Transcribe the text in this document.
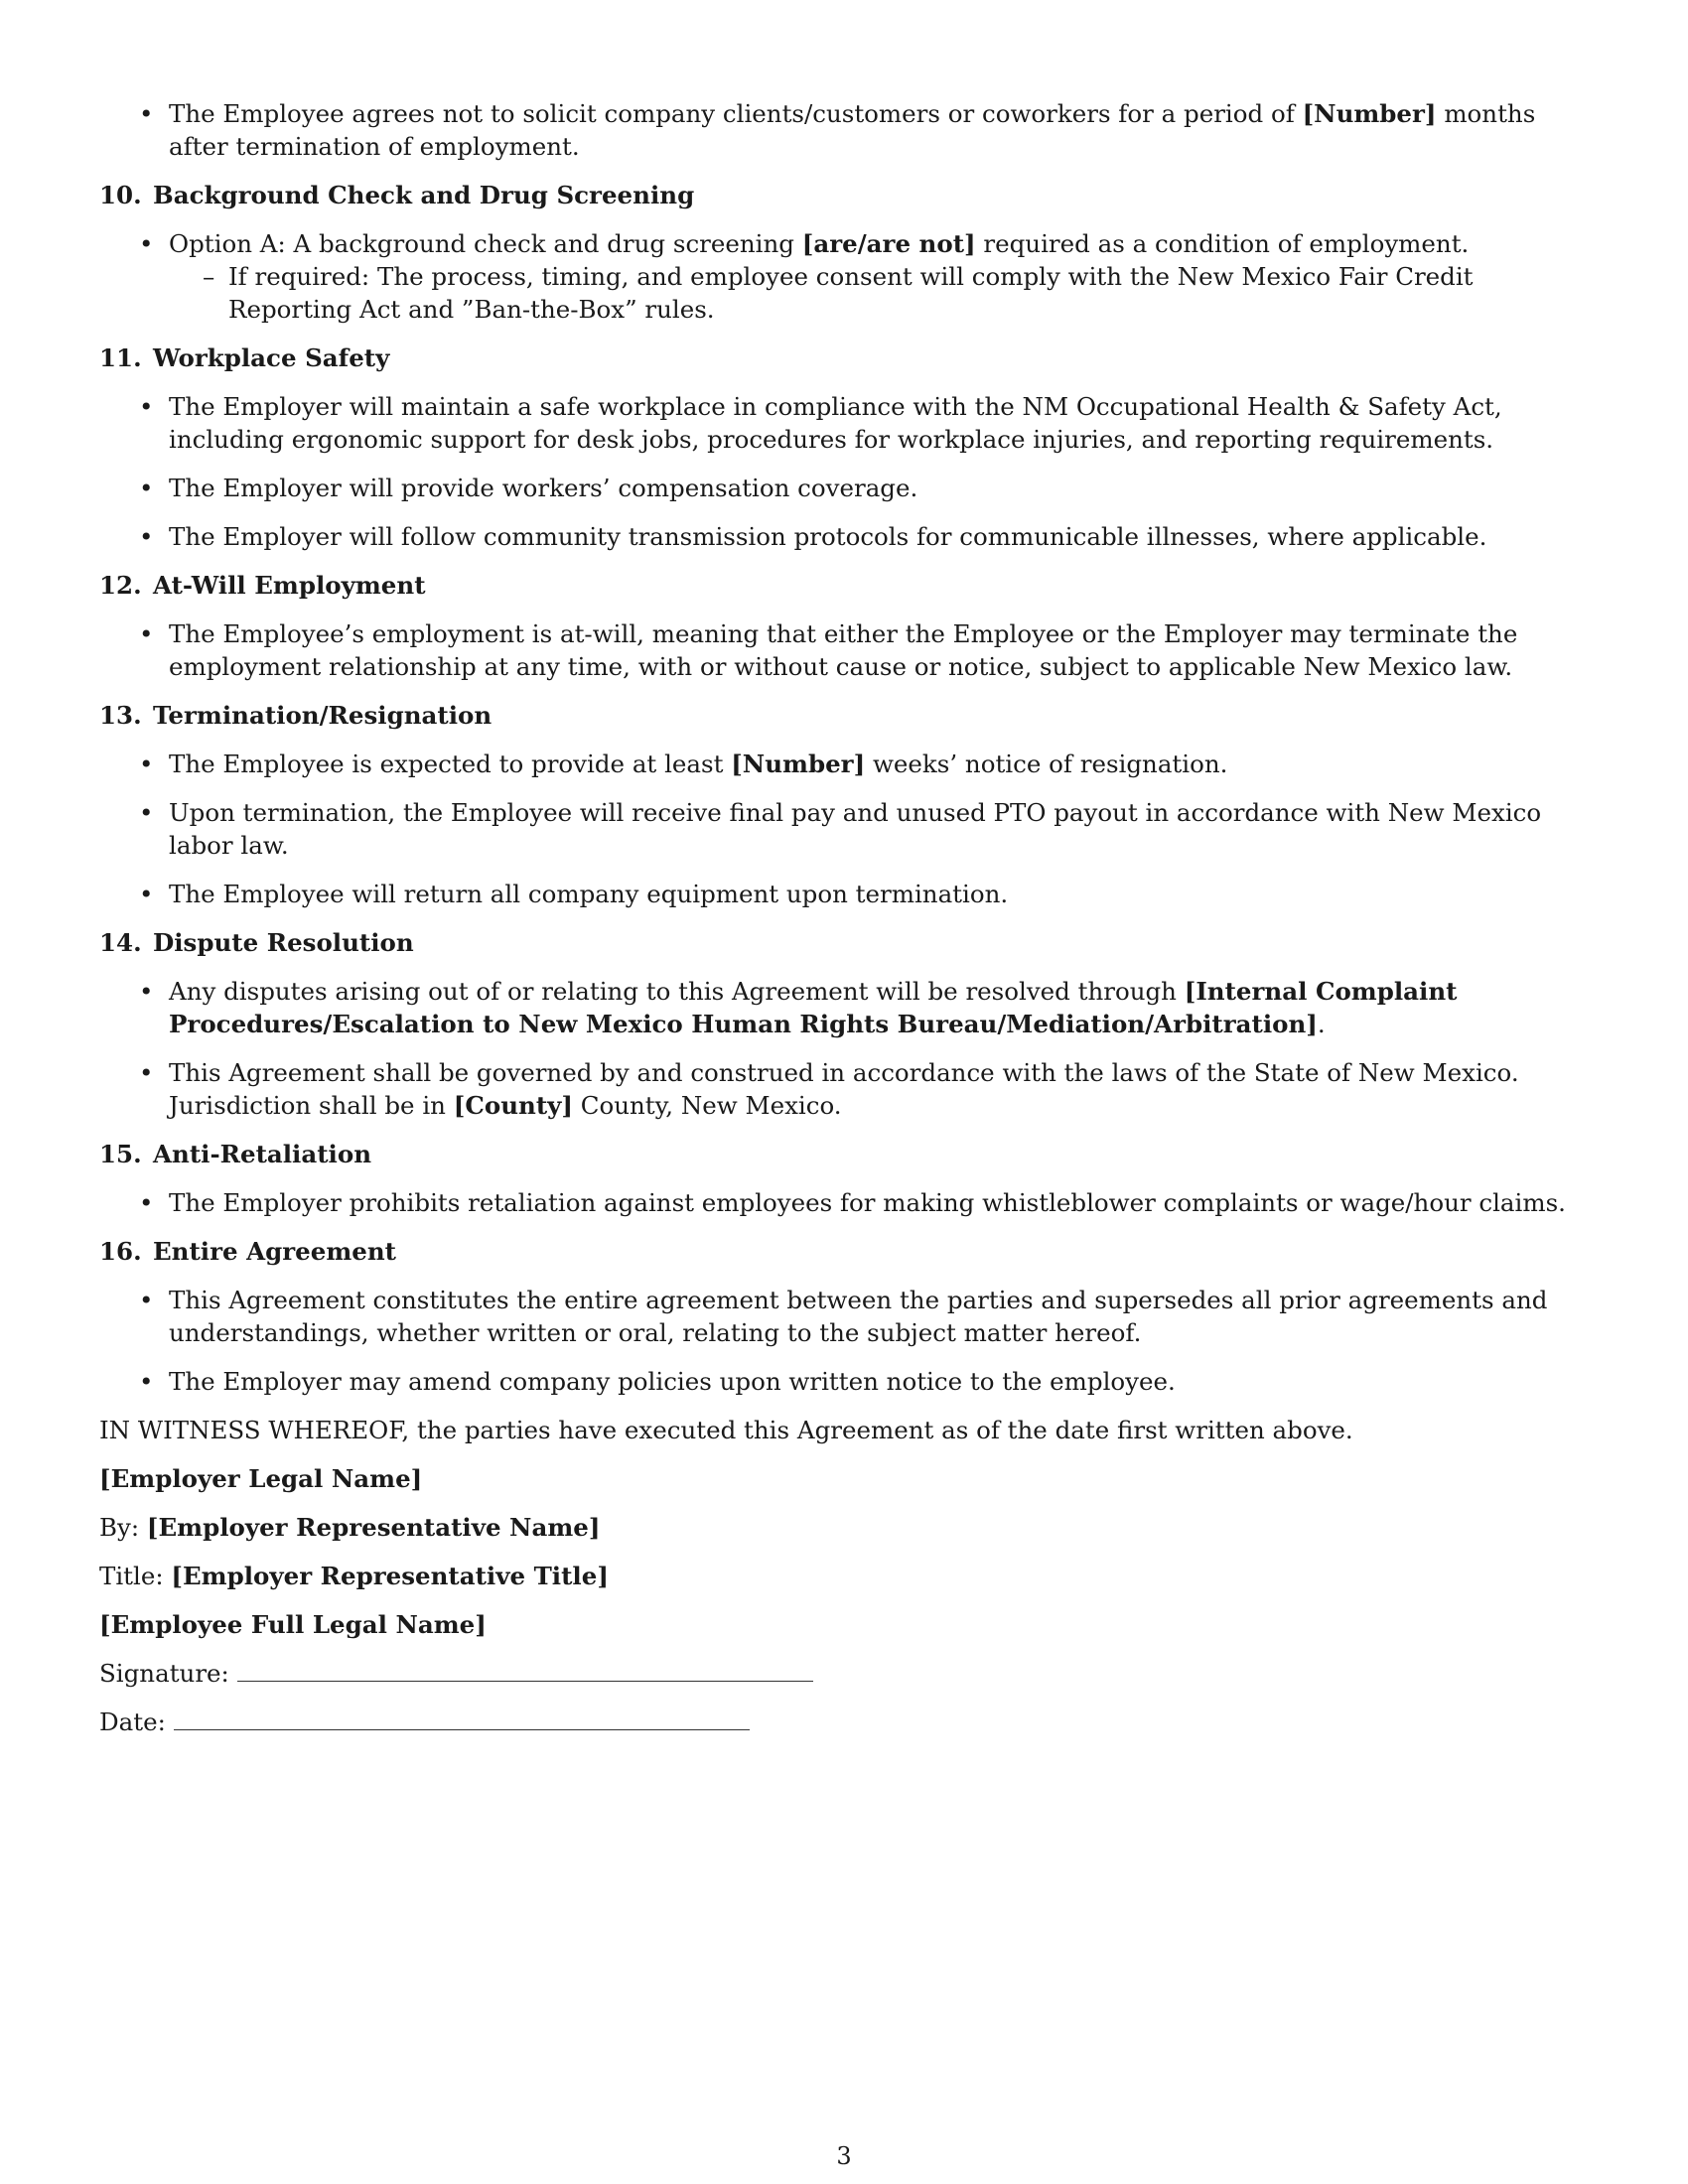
• The Employee agrees not to solicit company clients/customers or coworkers for a period of [Number] months after termination of employment.
10. Background Check and Drug Screening
• Option A: A background check and drug screening [are/are not] required as a condition of employment.
– If required: The process, timing, and employee consent will comply with the New Mexico Fair Credit Reporting Act and ”Ban-the-Box” rules.
11. Workplace Safety
• The Employer will maintain a safe workplace in compliance with the NM Occupational Health & Safety Act, including ergonomic support for desk jobs, procedures for workplace injuries, and reporting requirements.
• The Employer will provide workers’ compensation coverage.
• The Employer will follow community transmission protocols for communicable illnesses, where applicable.
12. At-Will Employment
• The Employee’s employment is at-will, meaning that either the Employee or the Employer may terminate the employment relationship at any time, with or without cause or notice, subject to applicable New Mexico law.
13. Termination/Resignation
• The Employee is expected to provide at least [Number] weeks’ notice of resignation.
• Upon termination, the Employee will receive final pay and unused PTO payout in accordance with New Mexico labor law.
• The Employee will return all company equipment upon termination.
14. Dispute Resolution
• Any disputes arising out of or relating to this Agreement will be resolved through [Internal Complaint Procedures/Escalation to New Mexico Human Rights Bureau/Mediation/Arbitration].
• This Agreement shall be governed by and construed in accordance with the laws of the State of New Mexico. Jurisdiction shall be in [County] County, New Mexico.
15. Anti-Retaliation
• The Employer prohibits retaliation against employees for making whistleblower complaints or wage/hour claims.
16. Entire Agreement
• This Agreement constitutes the entire agreement between the parties and supersedes all prior agreements and understandings, whether written or oral, relating to the subject matter hereof.
• The Employer may amend company policies upon written notice to the employee.
IN WITNESS WHEREOF, the parties have executed this Agreement as of the date first written above.
[Employer Legal Name]
By: [Employer Representative Name]
Title: [Employer Representative Title]
[Employee Full Legal Name]
Signature:
Date:
3
